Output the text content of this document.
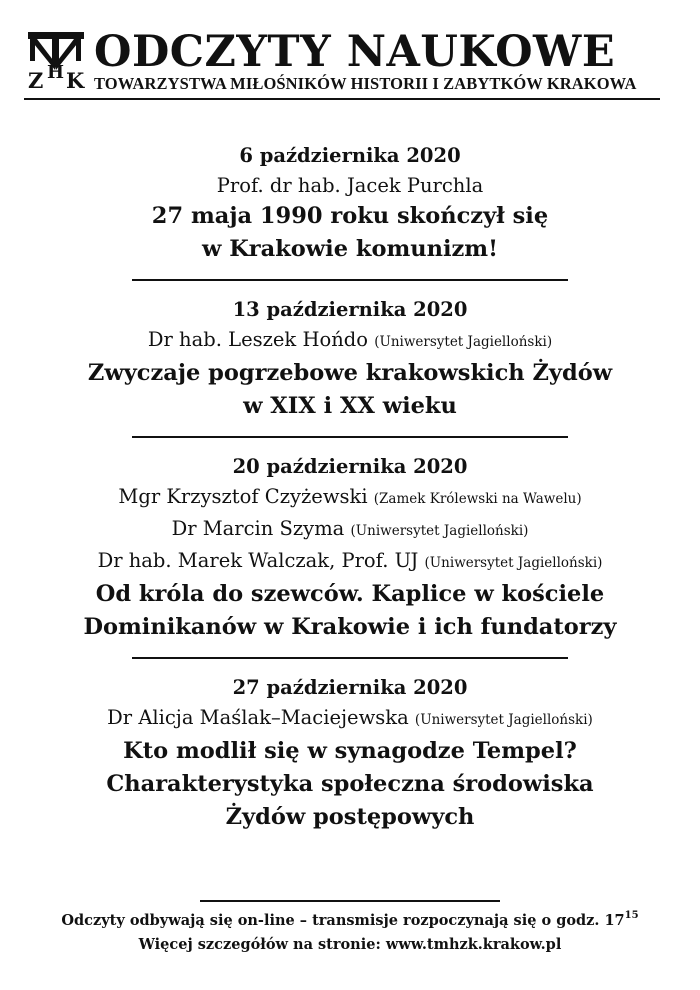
Z H K
ODCZYTY NAUKOWE
TOWARZYSTWA MIŁOŚNIKÓW HISTORII I ZABYTKÓW KRAKOWA
6 października 2020
Prof. dr hab. Jacek Purchla
27 maja 1990 roku skończył się
w Krakowie komunizm!
13 października 2020
Dr hab. Leszek Hońdo (Uniwersytet Jagielloński)
Zwyczaje pogrzebowe krakowskich Żydów
w XIX i XX wieku
20 października 2020
Mgr Krzysztof Czyżewski (Zamek Królewski na Wawelu)
Dr Marcin Szyma (Uniwersytet Jagielloński)
Dr hab. Marek Walczak, Prof. UJ (Uniwersytet Jagielloński)
Od króla do szewców. Kaplice w kościele
Dominikanów w Krakowie i ich fundatorzy
27 października 2020
Dr Alicja Maślak–Maciejewska (Uniwersytet Jagielloński)
Kto modlił się w synagodze Tempel?
Charakterystyka społeczna środowiska
Żydów postępowych
Odczyty odbywają się on-line – transmisje rozpoczynają się o godz. $17^{15}$
Więcej szczegółów na stronie: www.tmhzk.krakow.pl
